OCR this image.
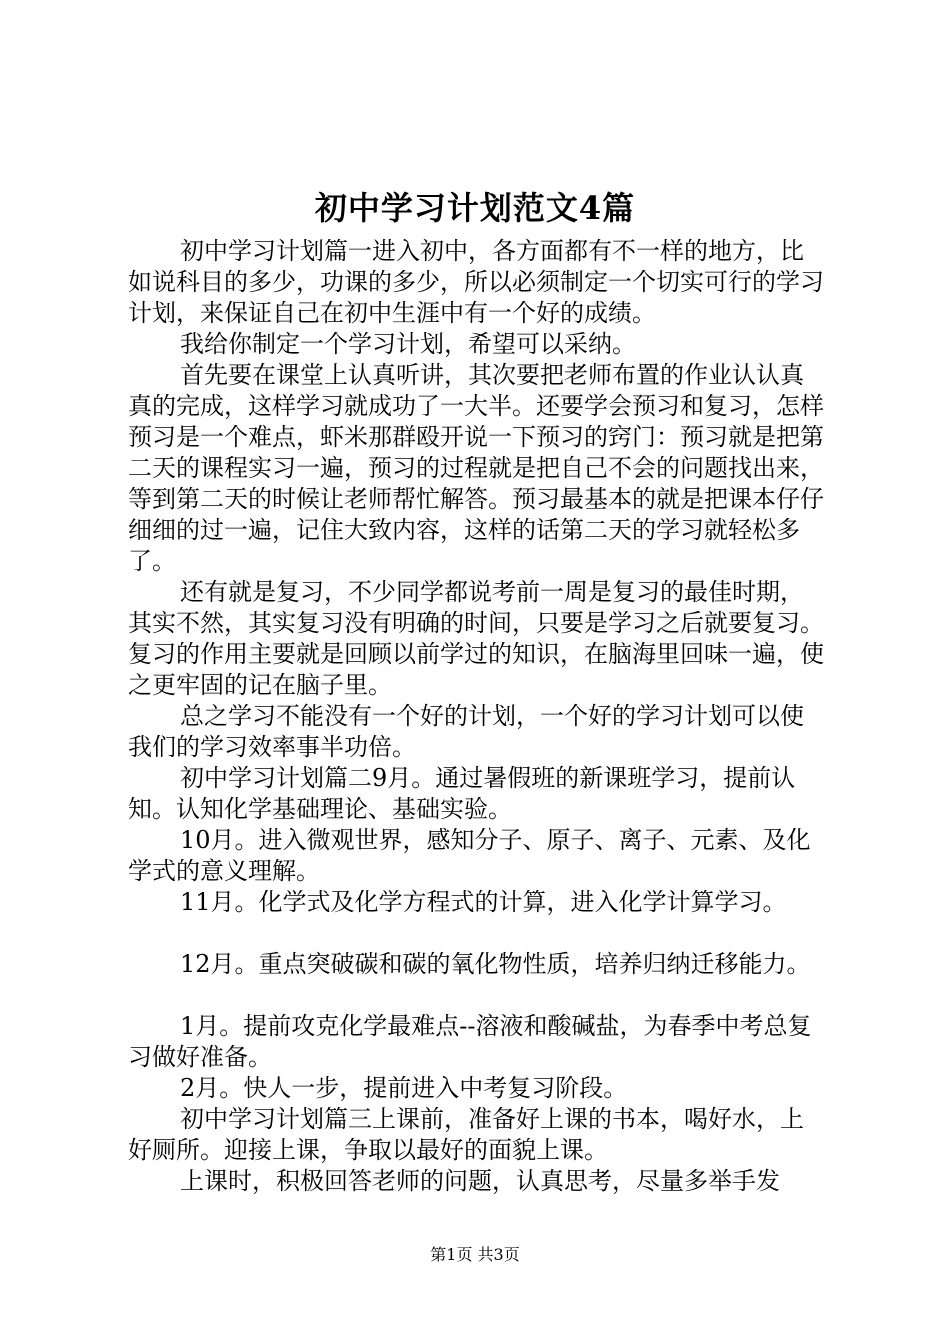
初中学习计划范文4篇

初中学习计划篇一进入初中，各方面都有不一样的地方，比如说科目的多少，功课的多少，所以必须制定一个切实可行的学习计划，来保证自己在初中生涯中有一个好的成绩。

我给你制定一个学习计划，希望可以采纳。

首先要在课堂上认真听讲，其次要把老师布置的作业认认真真的完成，这样学习就成功了一大半。还要学会预习和复习，怎样预习是一个难点，虾米那群殴开说一下预习的窍门：预习就是把第二天的课程实习一遍，预习的过程就是把自己不会的问题找出来，等到第二天的时候让老师帮忙解答。预习最基本的就是把课本仔仔细细的过一遍，记住大致内容，这样的话第二天的学习就轻松多了。

还有就是复习，不少同学都说考前一周是复习的最佳时期，其实不然，其实复习没有明确的时间，只要是学习之后就要复习。复习的作用主要就是回顾以前学过的知识，在脑海里回味一遍，使之更牢固的记在脑子里。

总之学习不能没有一个好的计划，一个好的学习计划可以使我们的学习效率事半功倍。

初中学习计划篇二9月。通过暑假班的新课班学习，提前认知。认知化学基础理论、基础实验。

10月。进入微观世界，感知分子、原子、离子、元素、及化学式的意义理解。

11月。化学式及化学方程式的计算，进入化学计算学习。

12月。重点突破碳和碳的氧化物性质，培养归纳迁移能力。

1月。提前攻克化学最难点--溶液和酸碱盐，为春季中考总复习做好准备。

2月。快人一步，提前进入中考复习阶段。

初中学习计划篇三上课前，准备好上课的书本，喝好水，上好厕所。迎接上课，争取以最好的面貌上课。

上课时，积极回答老师的问题，认真思考，尽量多举手发

第1页 共3页
